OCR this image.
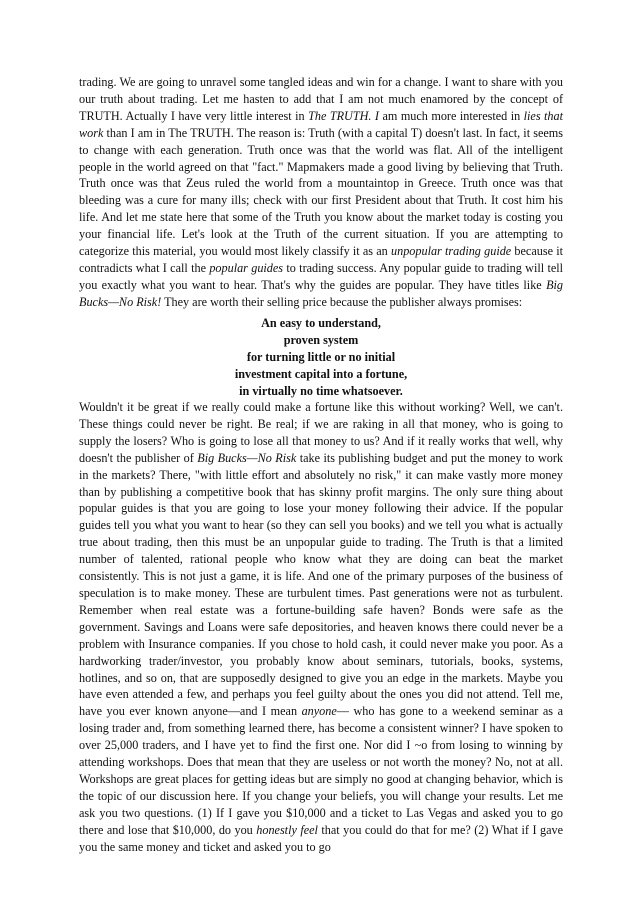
trading. We are going to unravel some tangled ideas and win for a change. I want to share with you our truth about trading. Let me hasten to add that I am not much enamored by the concept of TRUTH. Actually I have very little interest in The TRUTH. I am much more interested in lies that work than I am in The TRUTH. The reason is: Truth (with a capital T) doesn't last. In fact, it seems to change with each generation. Truth once was that the world was flat. All of the intelligent people in the world agreed on that "fact." Mapmakers made a good living by believing that Truth. Truth once was that Zeus ruled the world from a mountaintop in Greece. Truth once was that bleeding was a cure for many ills; check with our first President about that Truth. It cost him his life. And let me state here that some of the Truth you know about the market today is costing you your financial life. Let's look at the Truth of the current situation. If you are attempting to categorize this material, you would most likely classify it as an unpopular trading guide because it contradicts what I call the popular guides to trading success. Any popular guide to trading will tell you exactly what you want to hear. That's why the guides are popular. They have titles like Big Bucks—No Risk! They are worth their selling price because the publisher always promises:

An easy to understand,
proven system
for turning little or no initial
investment capital into a fortune,
in virtually no time whatsoever.

Wouldn't it be great if we really could make a fortune like this without working? Well, we can't. These things could never be right. Be real; if we are raking in all that money, who is going to supply the losers? Who is going to lose all that money to us? And if it really works that well, why doesn't the publisher of Big Bucks—No Risk take its publishing budget and put the money to work in the markets? There, "with little effort and absolutely no risk," it can make vastly more money than by publishing a competitive book that has skinny profit margins. The only sure thing about popular guides is that you are going to lose your money following their advice. If the popular guides tell you what you want to hear (so they can sell you books) and we tell you what is actually true about trading, then this must be an unpopular guide to trading. The Truth is that a limited number of talented, rational people who know what they are doing can beat the market consistently. This is not just a game, it is life. And one of the primary purposes of the business of speculation is to make money. These are turbulent times. Past generations were not as turbulent. Remember when real estate was a fortune-building safe haven? Bonds were safe as the government. Savings and Loans were safe depositories, and heaven knows there could never be a problem with Insurance companies. If you chose to hold cash, it could never make you poor. As a hardworking trader/investor, you probably know about seminars, tutorials, books, systems, hotlines, and so on, that are supposedly designed to give you an edge in the markets. Maybe you have even attended a few, and perhaps you feel guilty about the ones you did not attend. Tell me, have you ever known anyone—and I mean anyone— who has gone to a weekend seminar as a losing trader and, from something learned there, has become a consistent winner? I have spoken to over 25,000 traders, and I have yet to find the first one. Nor did I ~o from losing to winning by attending workshops. Does that mean that they are useless or not worth the money? No, not at all. Workshops are great places for getting ideas but are simply no good at changing behavior, which is the topic of our discussion here. If you change your beliefs, you will change your results. Let me ask you two questions. (1) If I gave you $10,000 and a ticket to Las Vegas and asked you to go there and lose that $10,000, do you honestly feel that you could do that for me? (2) What if I gave you the same money and ticket and asked you to go
